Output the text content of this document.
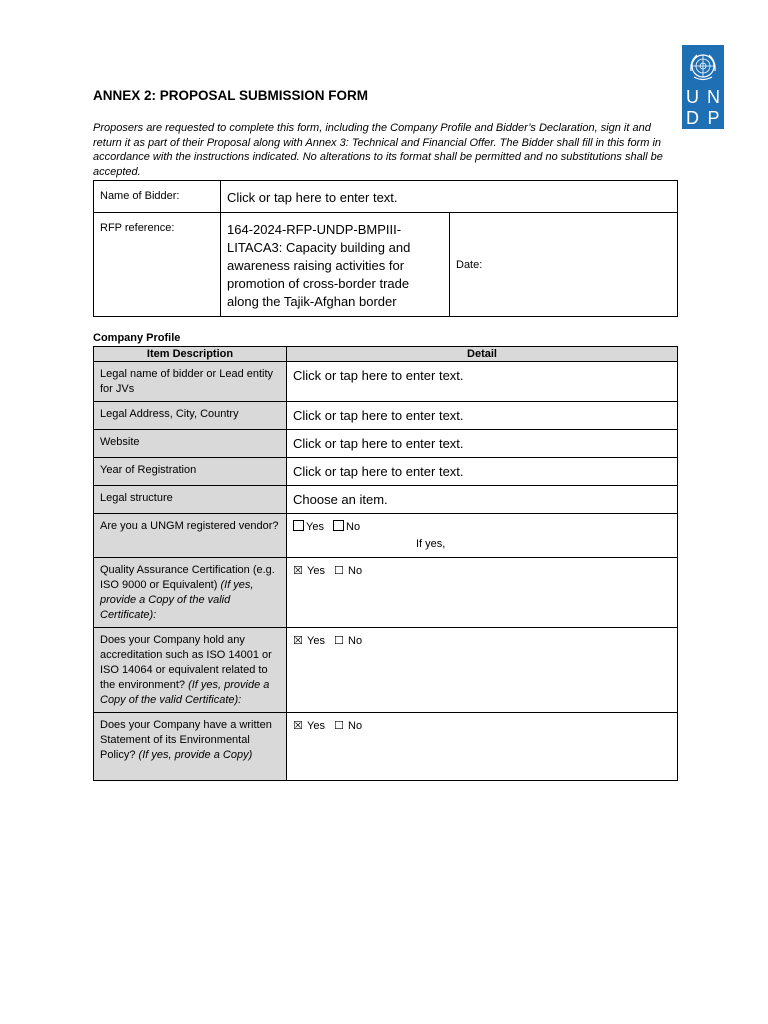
U N
D P
ANNEX 2: PROPOSAL SUBMISSION FORM
Proposers are requested to complete this form, including the Company Profile and Bidder’s Declaration, sign it and return it as part of their Proposal along with Annex 3: Technical and Financial Offer. The Bidder shall fill in this form in accordance with the instructions indicated. No alterations to its format shall be permitted and no substitutions shall be accepted.
Name of Bidder:	Click or tap here to enter text.	
RFP reference:	164-2024-RFP-UNDP-BMPIII-LITACA3: Capacity building and awareness raising activities for promotion of cross-border trade along the Tajik-Afghan border	Date:
Company Profile
Item Description	Detail
Legal name of bidder or Lead entity for JVs	Click or tap here to enter text.
Legal Address, City, Country	Click or tap here to enter text.
Website	Click or tap here to enter text.
Year of Registration	Click or tap here to enter text.
Legal structure	Choose an item.
Are you a UNGM registered vendor?	Yes No
If yes,

Quality Assurance Certification (e.g. ISO 9000 or Equivalent) (If yes, provide a Copy of the valid Certificate):	☒ Yes ☐ No
Does your Company hold any accreditation such as ISO 14001 or ISO 14064 or equivalent related to the environment? (If yes, provide a Copy of the valid Certificate):	☒ Yes ☐ No
Does your Company have a written Statement of its Environmental Policy? (If yes, provide a Copy)	☒ Yes ☐ No
